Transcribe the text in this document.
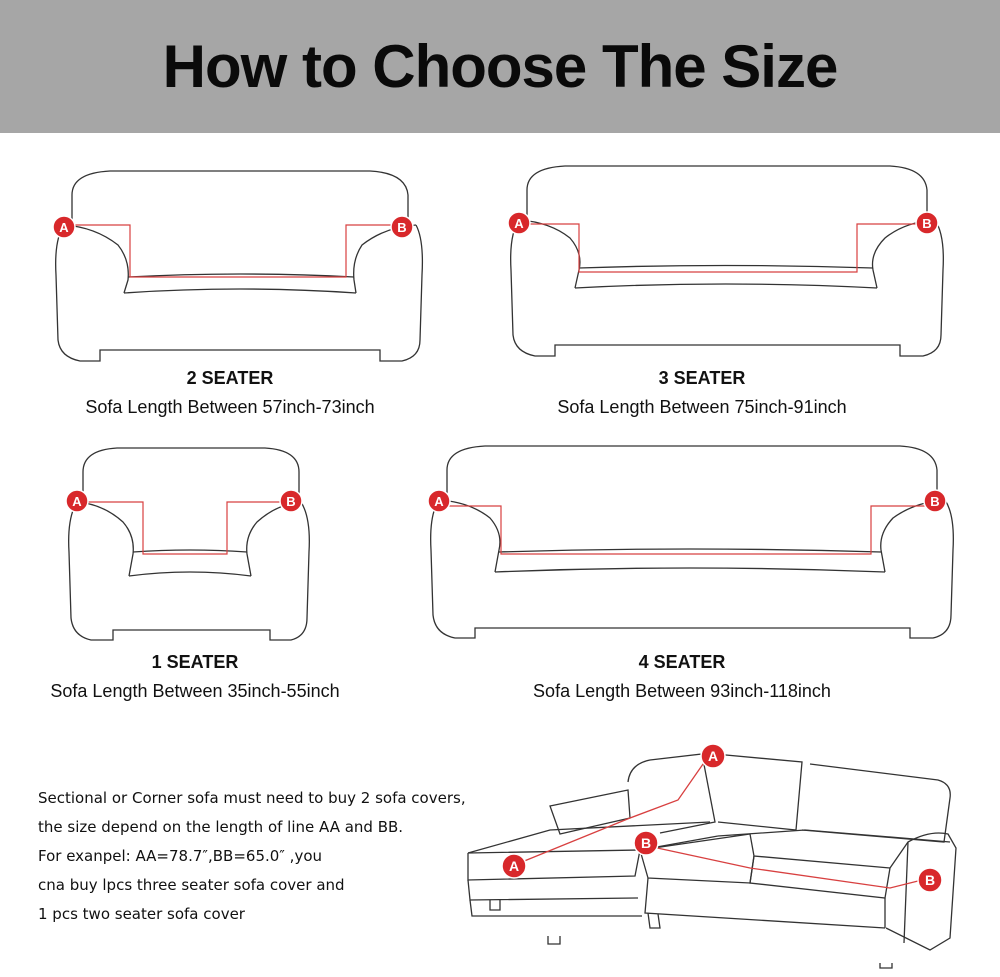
How to Choose The Size
A	B
2 SEATER
Sofa Length Between 57inch-73inch
A	B
3 SEATER
Sofa Length Between 75inch-91inch
A	B
1 SEATER
Sofa Length Between 35inch-55inch
A	B
4 SEATER
Sofa Length Between 93inch-118inch
Sectional or Corner sofa must need to buy 2 sofa covers,
the size depend on the length of line AA and BB.
For exanpel: AA=78.7″,BB=65.0″ ,you
cna buy lpcs three seater sofa cover and
1 pcs two seater sofa cover
A
A
B
B
